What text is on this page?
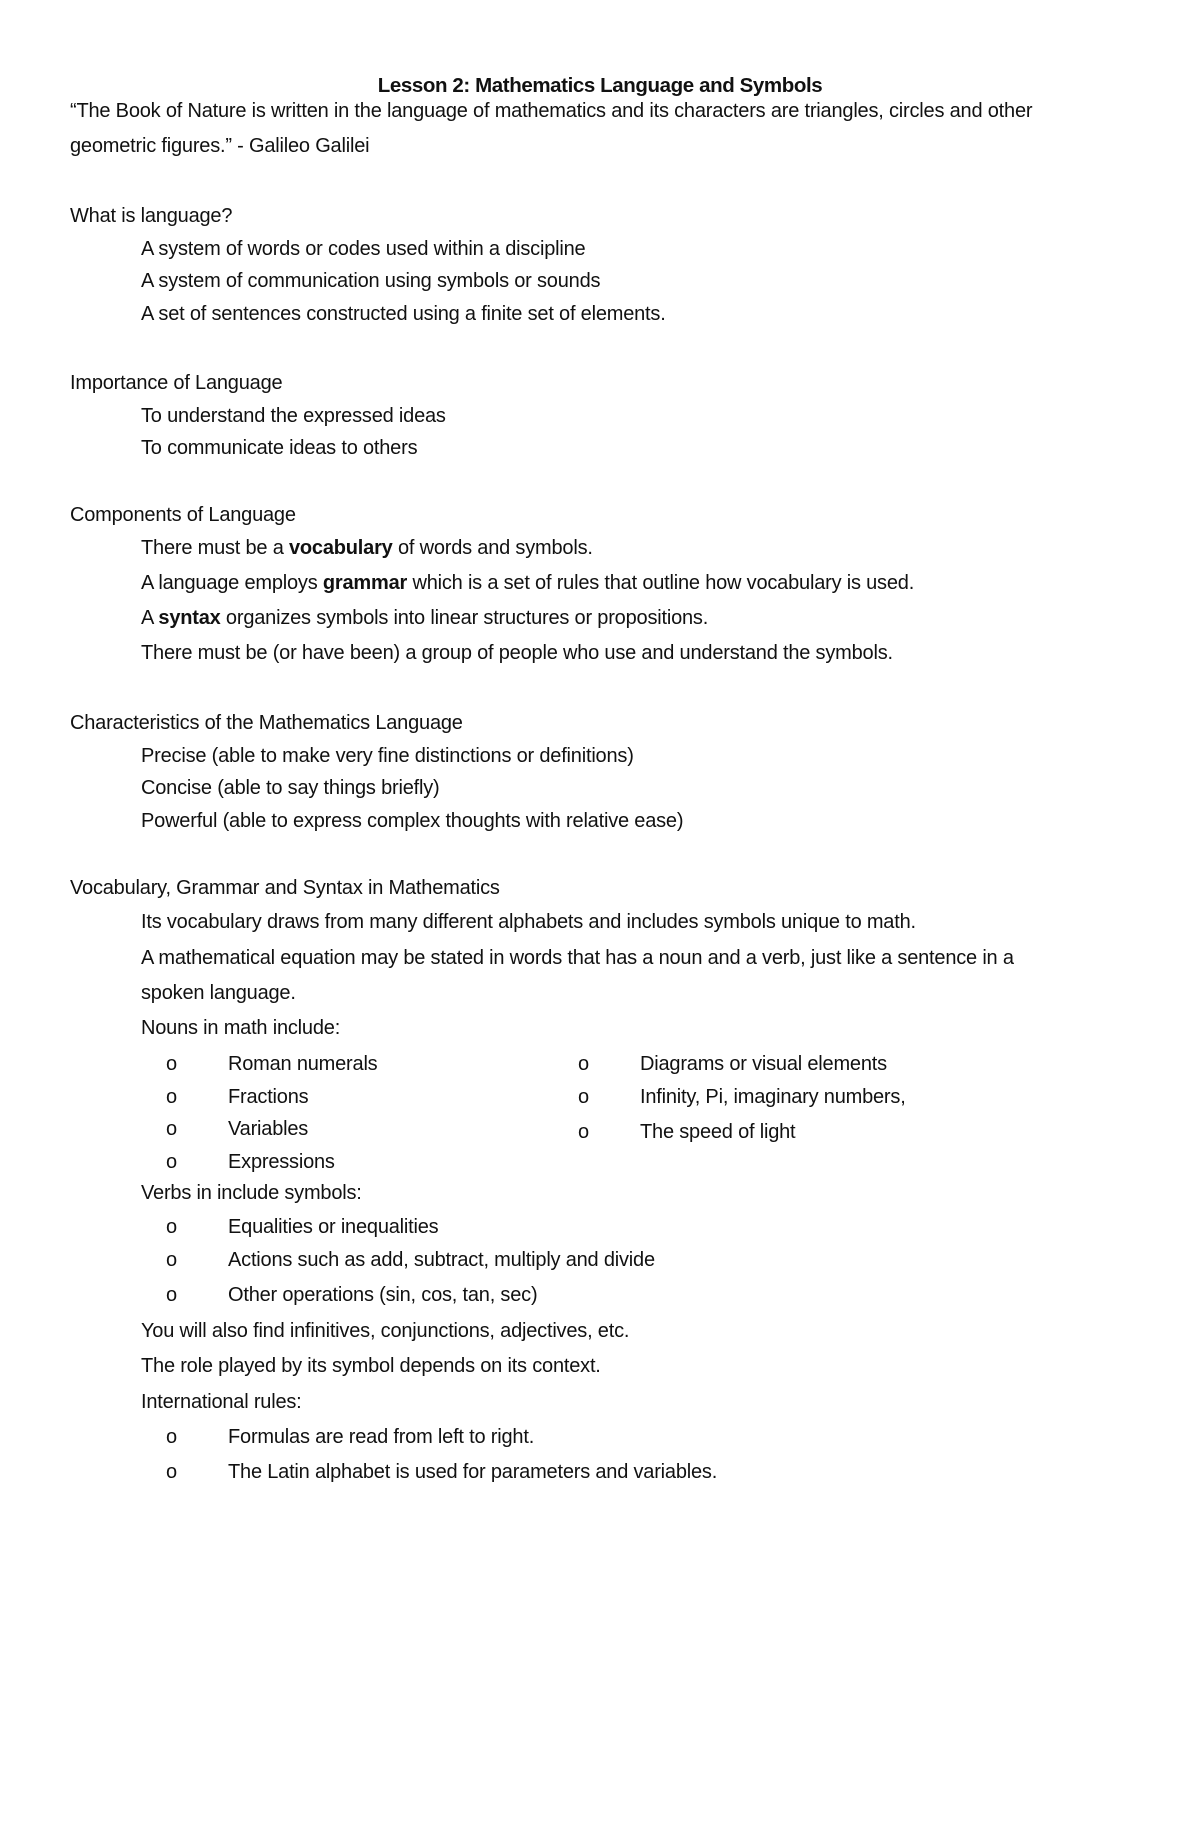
Lesson 2: Mathematics Language and Symbols
“The Book of Nature is written in the language of mathematics and its characters are triangles, circles and other
geometric figures.” - Galileo Galilei
What is language?
A system of words or codes used within a discipline
A system of communication using symbols or sounds
A set of sentences constructed using a finite set of elements.
Importance of Language
To understand the expressed ideas
To communicate ideas to others
Components of Language
There must be a vocabulary of words and symbols.
A language employs grammar which is a set of rules that outline how vocabulary is used.
A syntax organizes symbols into linear structures or propositions.
There must be (or have been) a group of people who use and understand the symbols.
Characteristics of the Mathematics Language
Precise (able to make very fine distinctions or definitions)
Concise (able to say things briefly)
Powerful (able to express complex thoughts with relative ease)
Vocabulary, Grammar and Syntax in Mathematics
Its vocabulary draws from many different alphabets and includes symbols unique to math.
A mathematical equation may be stated in words that has a noun and a verb, just like a sentence in a
spoken language.
Nouns in math include:
o	Roman numerals
o	Fractions
o	Variables
o	Expressions
o	Diagrams or visual elements
o	Infinity, Pi, imaginary numbers,
o	The speed of light
Verbs in include symbols:
o	Equalities or inequalities
o	Actions such as add, subtract, multiply and divide
o	Other operations (sin, cos, tan, sec)
You will also find infinitives, conjunctions, adjectives, etc.
The role played by its symbol depends on its context.
International rules:
o	Formulas are read from left to right.
o	The Latin alphabet is used for parameters and variables.
